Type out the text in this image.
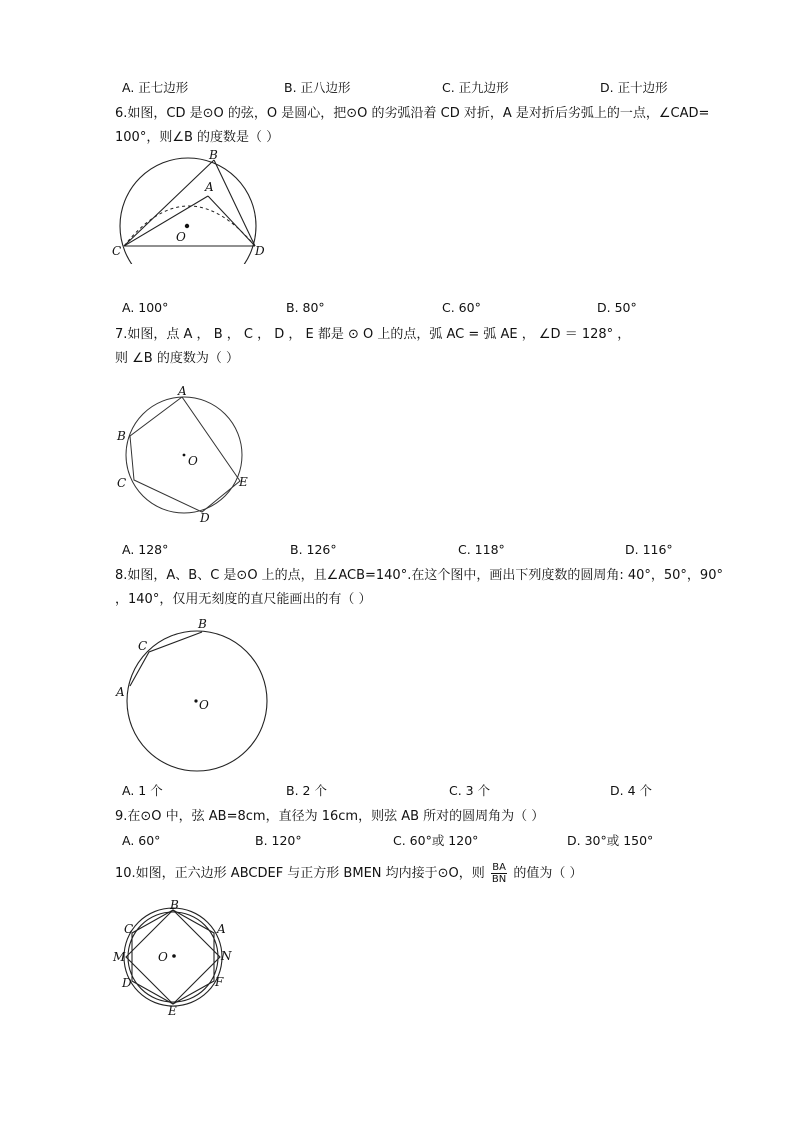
A. 正七边形	B. 正八边形	C. 正九边形	D. 正十边形
6.如图，CD 是⊙O 的弦，O 是圆心，把⊙O 的劣弧沿着 CD 对折，A 是对折后劣弧上的一点，∠CAD=
100°，则∠B 的度数是（ ）
B
A
O
C	D
A. 100°	B. 80°	C. 60°	D. 50°
7.如图，点 A ， B ， C ， D ， E 都是 ⊙ O 上的点，弧 AC = 弧 AE ， ∠D ＝ 128° ，
则 ∠B 的度数为（ ）
A
B
C
D
E
O
A. 128°	B. 126°	C. 118°	D. 116°
8.如图，A、B、C 是⊙O 上的点，且∠ACB=140°.在这个图中，画出下列度数的圆周角: 40°，50°，90°
，140°，仅用无刻度的直尺能画出的有（ ）
B
C
A
O
A. 1 个	B. 2 个	C. 3 个	D. 4 个
9.在⊙O 中，弦 AB=8cm，直径为 16cm，则弦 AB 所对的圆周角为（ ）
A. 60°	B. 120°	C. 60°或 120°	D. 30°或 150°
10.如图，正六边形 ABCDEF 与正方形 BMEN 均内接于⊙O，则 $\frac{BA}{BN}$ 的值为（ ）
B
A
C
M	O	N
D	F
E
